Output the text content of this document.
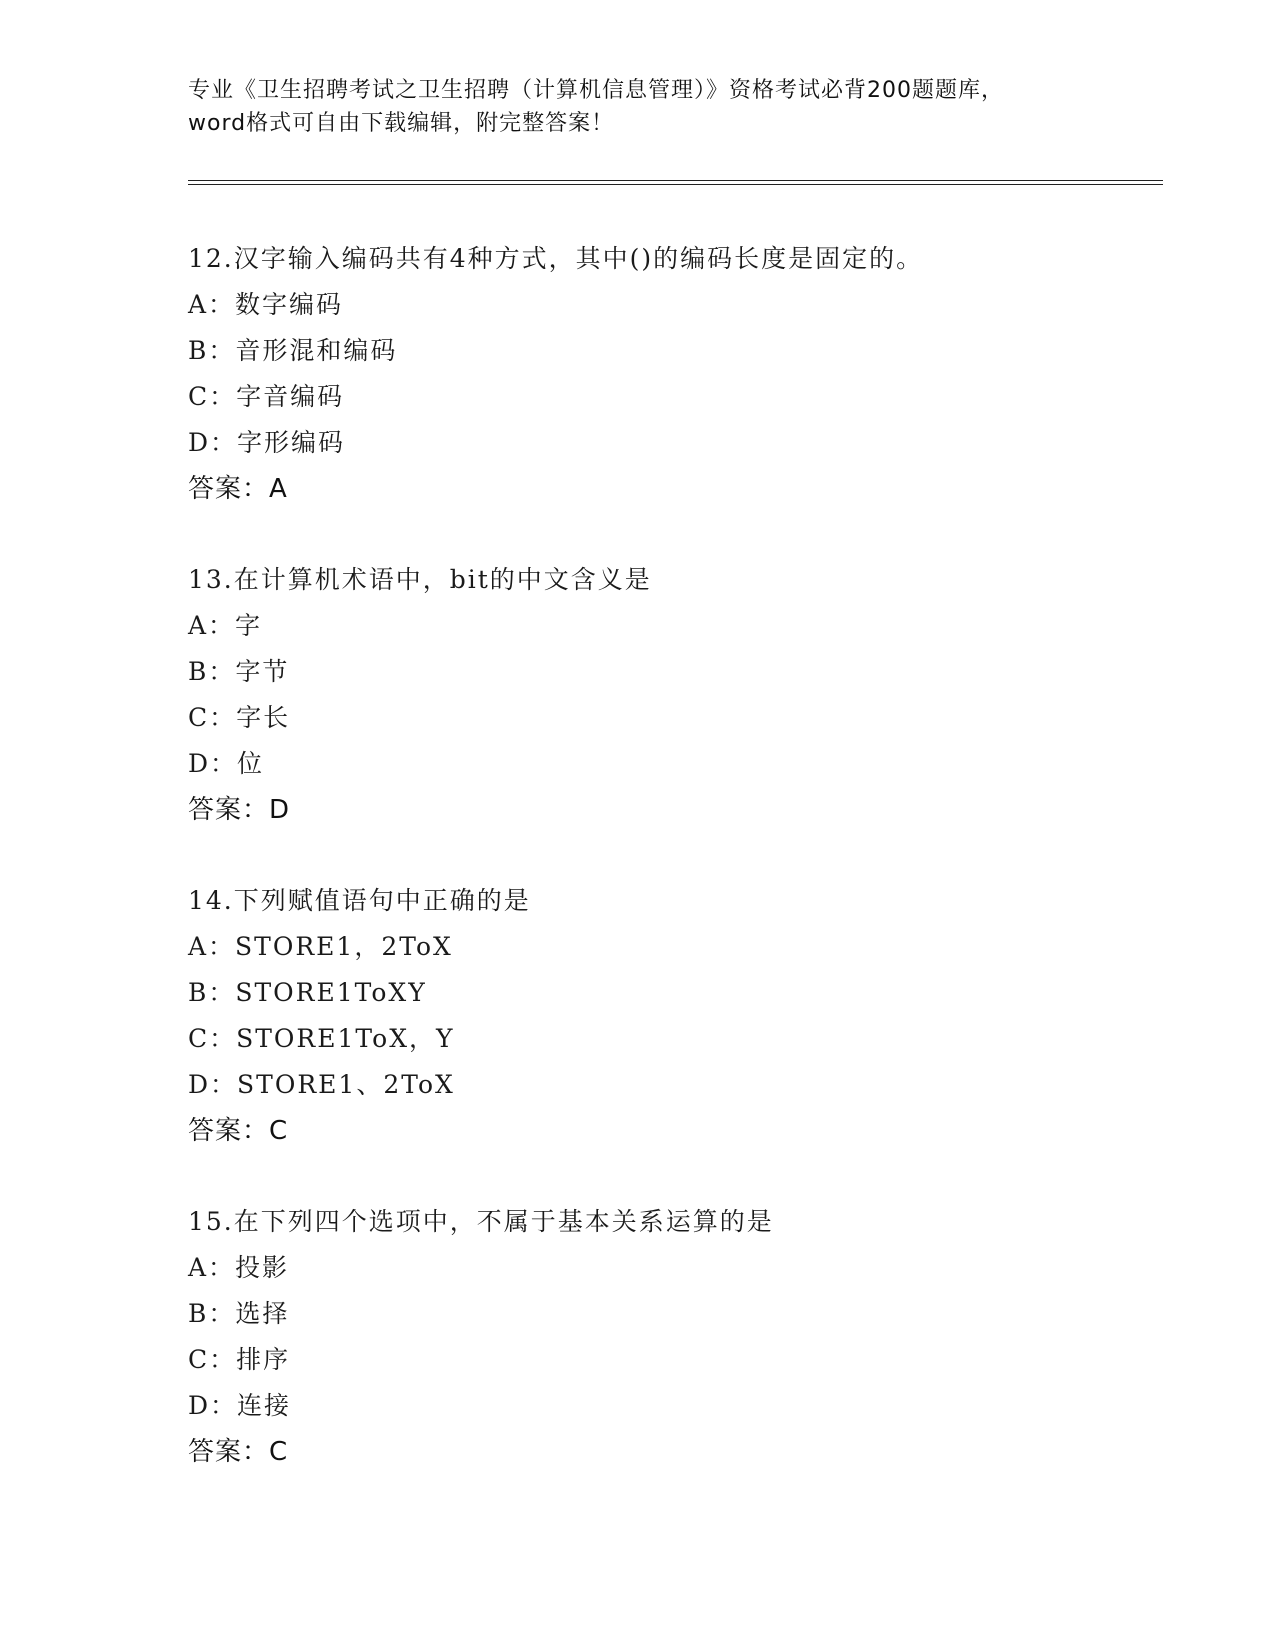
专业《卫生招聘考试之卫生招聘（计算机信息管理）》资格考试必背200题题库，
word格式可自由下载编辑，附完整答案！
12.汉字输入编码共有4种方式，其中()的编码长度是固定的。
A：数字编码
B：音形混和编码
C：字音编码
D：字形编码
答案：A
13.在计算机术语中，bit的中文含义是
A：字
B：字节
C：字长
D：位
答案：D
14.下列赋值语句中正确的是
A：STORE1，2ToX
B：STORE1ToXY
C：STORE1ToX，Y
D：STORE1、2ToX
答案：C
15.在下列四个选项中，不属于基本关系运算的是
A：投影
B：选择
C：排序
D：连接
答案：C
